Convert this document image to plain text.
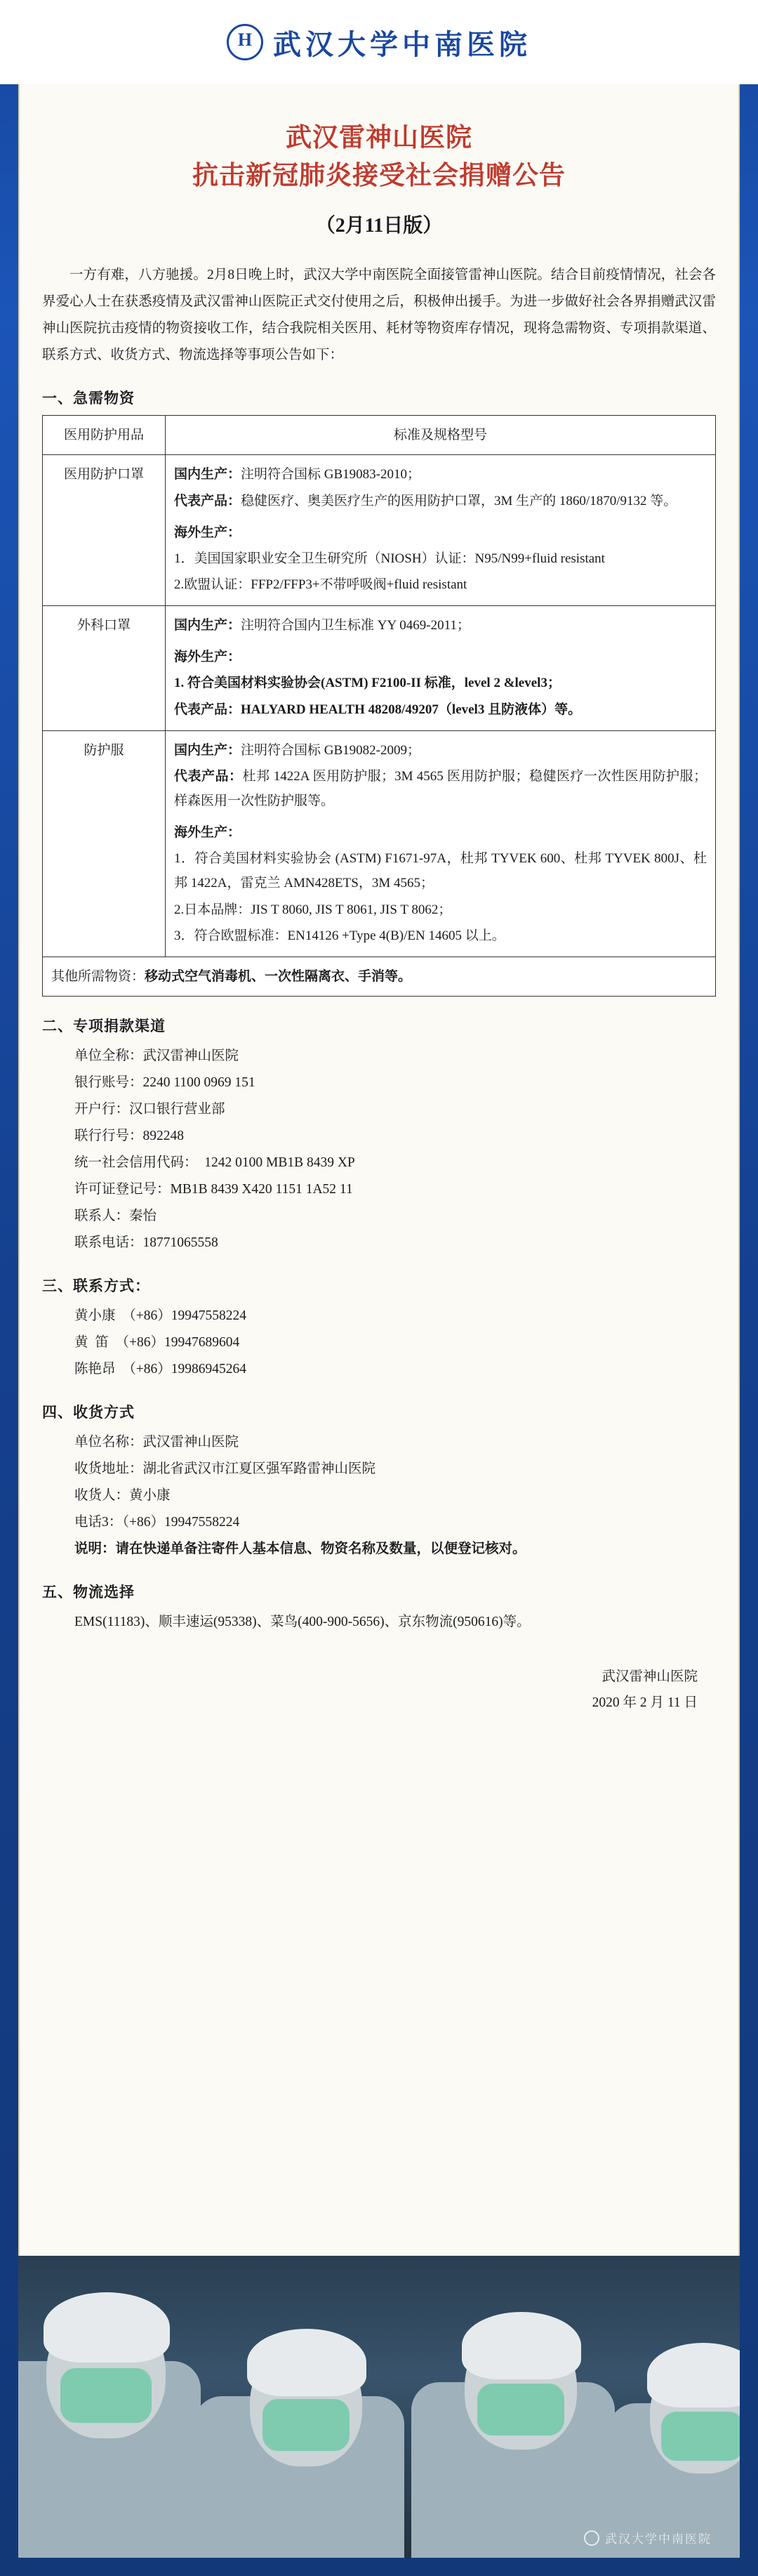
H 武汉大学中南医院
武汉雷神山医院
抗击新冠肺炎接受社会捐赠公告
（2月11日版）

一方有难，八方驰援。2月8日晚上时，武汉大学中南医院全面接管雷神山医院。结合目前疫情情况，社会各界爱心人士在获悉疫情及武汉雷神山医院正式交付使用之后，积极伸出援手。为进一步做好社会各界捐赠武汉雷神山医院抗击疫情的物资接收工作，结合我院相关医用、耗材等物资库存情况，现将急需物资、专项捐款渠道、联系方式、收货方式、物流选择等事项公告如下：

一、急需物资
医用防护用品	标准及规格型号
医用防护口罩	国内生产：注明符合国标 GB19083-2010；

代表产品：稳健医疗、奥美医疗生产的医用防护口罩，3M 生产的 1860/1870/9132 等。

海外生产：

1．美国国家职业安全卫生研究所（NIOSH）认证：N95/N99+fluid resistant

2.欧盟认证：FFP2/FFP3+不带呼吸阀+fluid resistant

外科口罩	国内生产：注明符合国内卫生标准 YY 0469-2011；

海外生产：

1. 符合美国材料实验协会(ASTM) F2100-II 标准，level 2 &level3；

代表产品：HALYARD HEALTH 48208/49207（level3 且防液体）等。

防护服	国内生产：注明符合国标 GB19082-2009；

代表产品：杜邦 1422A 医用防护服；3M 4565 医用防护服；稳健医疗一次性医用防护服；样森医用一次性防护服等。

海外生产：

1．符合美国材料实验协会 (ASTM) F1671-97A，杜邦 TYVEK 600、杜邦 TYVEK 800J、杜邦 1422A，雷克兰 AMN428ETS，3M 4565；

2.日本品牌：JIS T 8060, JIS T 8061, JIS T 8062；

3．符合欧盟标准：EN14126 +Type 4(B)/EN 14605 以上。

其他所需物资：移动式空气消毒机、一次性隔离衣、手消等。	
二、专项捐款渠道
单位全称：武汉雷神山医院
银行账号：2240 1100 0969 151
开户行：汉口银行营业部
联行行号：892248
统一社会信用代码：  1242 0100 MB1B 8439 XP
许可证登记号：MB1B 8439 X420 1151 1A52 11
联系人：秦怡
联系电话：18771065558
三、联系方式：
黄小康  （+86）19947558224
黄  笛  （+86）19947689604
陈艳昂  （+86）19986945264
四、收货方式
单位名称：武汉雷神山医院
收货地址：湖北省武汉市江夏区强军路雷神山医院
收货人：黄小康
电话3：（+86）19947558224
说明：请在快递单备注寄件人基本信息、物资名称及数量，以便登记核对。
五、物流选择
EMS(11183)、顺丰速运(95338)、菜鸟(400-900-5656)、京东物流(950616)等。
武汉雷神山医院
2020 年 2 月 11 日
武汉大学中南医院
